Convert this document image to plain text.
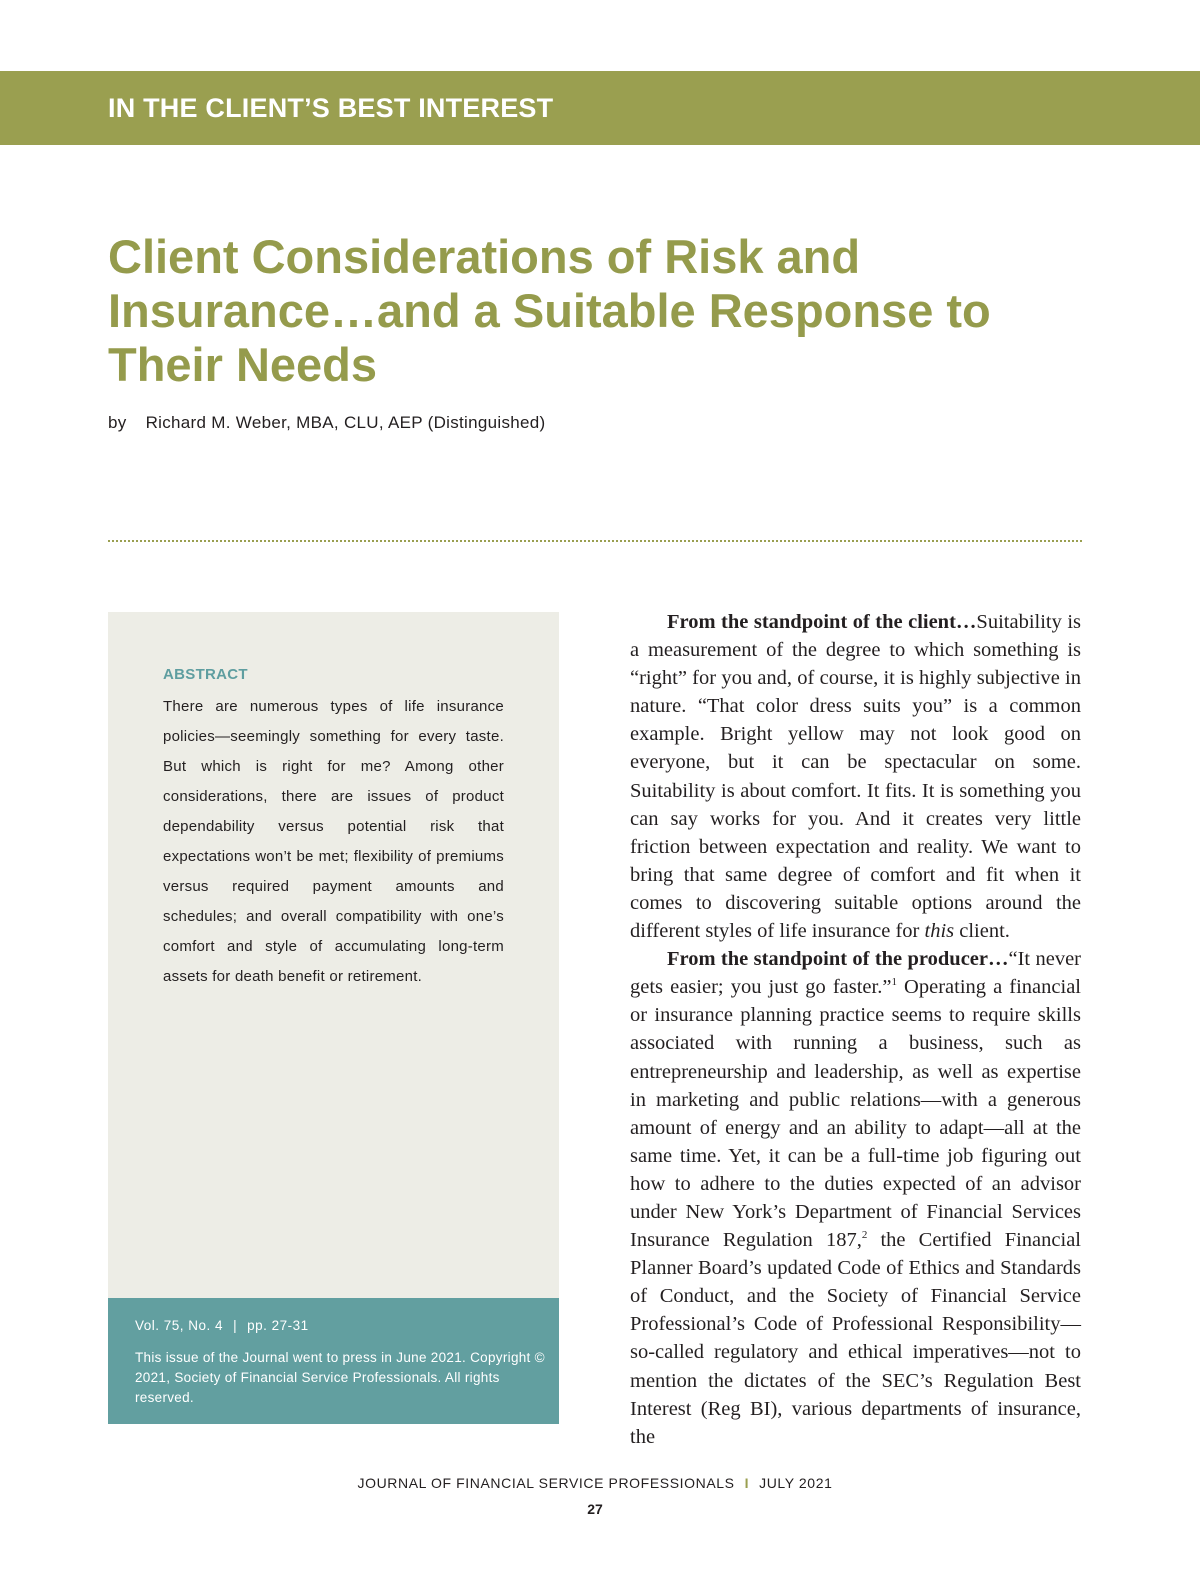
IN THE CLIENT’S BEST INTEREST
Client Considerations of Risk and Insurance…and a Suitable Response to Their Needs
by Richard M. Weber, MBA, CLU, AEP (Distinguished)
ABSTRACT

There are numerous types of life insurance policies—seemingly something for every taste. But which is right for me? Among other considerations, there are issues of product dependability versus potential risk that expectations won’t be met; flexibility of premiums versus required payment amounts and schedules; and overall compatibility with one’s comfort and style of accumulating long-term assets for death benefit or retirement.

Vol. 75, No. 4 | pp. 27-31

This issue of the Journal went to press in June 2021. Copyright © 2021, Society of Financial Service Professionals. All rights reserved.

From the standpoint of the client…Suitability is a measurement of the degree to which something is “right” for you and, of course, it is highly subjective in nature. “That color dress suits you” is a common example. Bright yellow may not look good on everyone, but it can be spectacular on some. Suitability is about comfort. It fits. It is something you can say works for you. And it creates very little friction between expectation and reality. We want to bring that same degree of comfort and fit when it comes to discovering suitable options around the different styles of life insurance for this client.

From the standpoint of the producer…“It never gets easier; you just go faster.”$^1$ Operating a financial or insurance planning practice seems to require skills associated with running a business, such as entrepreneurship and leadership, as well as expertise in marketing and public relations—with a generous amount of energy and an ability to adapt—all at the same time. Yet, it can be a full-time job figuring out how to adhere to the duties expected of an advisor under New York’s Department of Financial Services Insurance Regulation 187,$^2$ the Certified Financial Planner Board’s updated Code of Ethics and Standards of Conduct, and the Society of Financial Service Professional’s Code of Professional Responsibility—so-called regulatory and ethical imperatives—not to mention the dictates of the SEC’s Regulation Best Interest (Reg BI), various departments of insurance, the

JOURNAL OF FINANCIAL SERVICE PROFESSIONALS I JULY 2021
27
